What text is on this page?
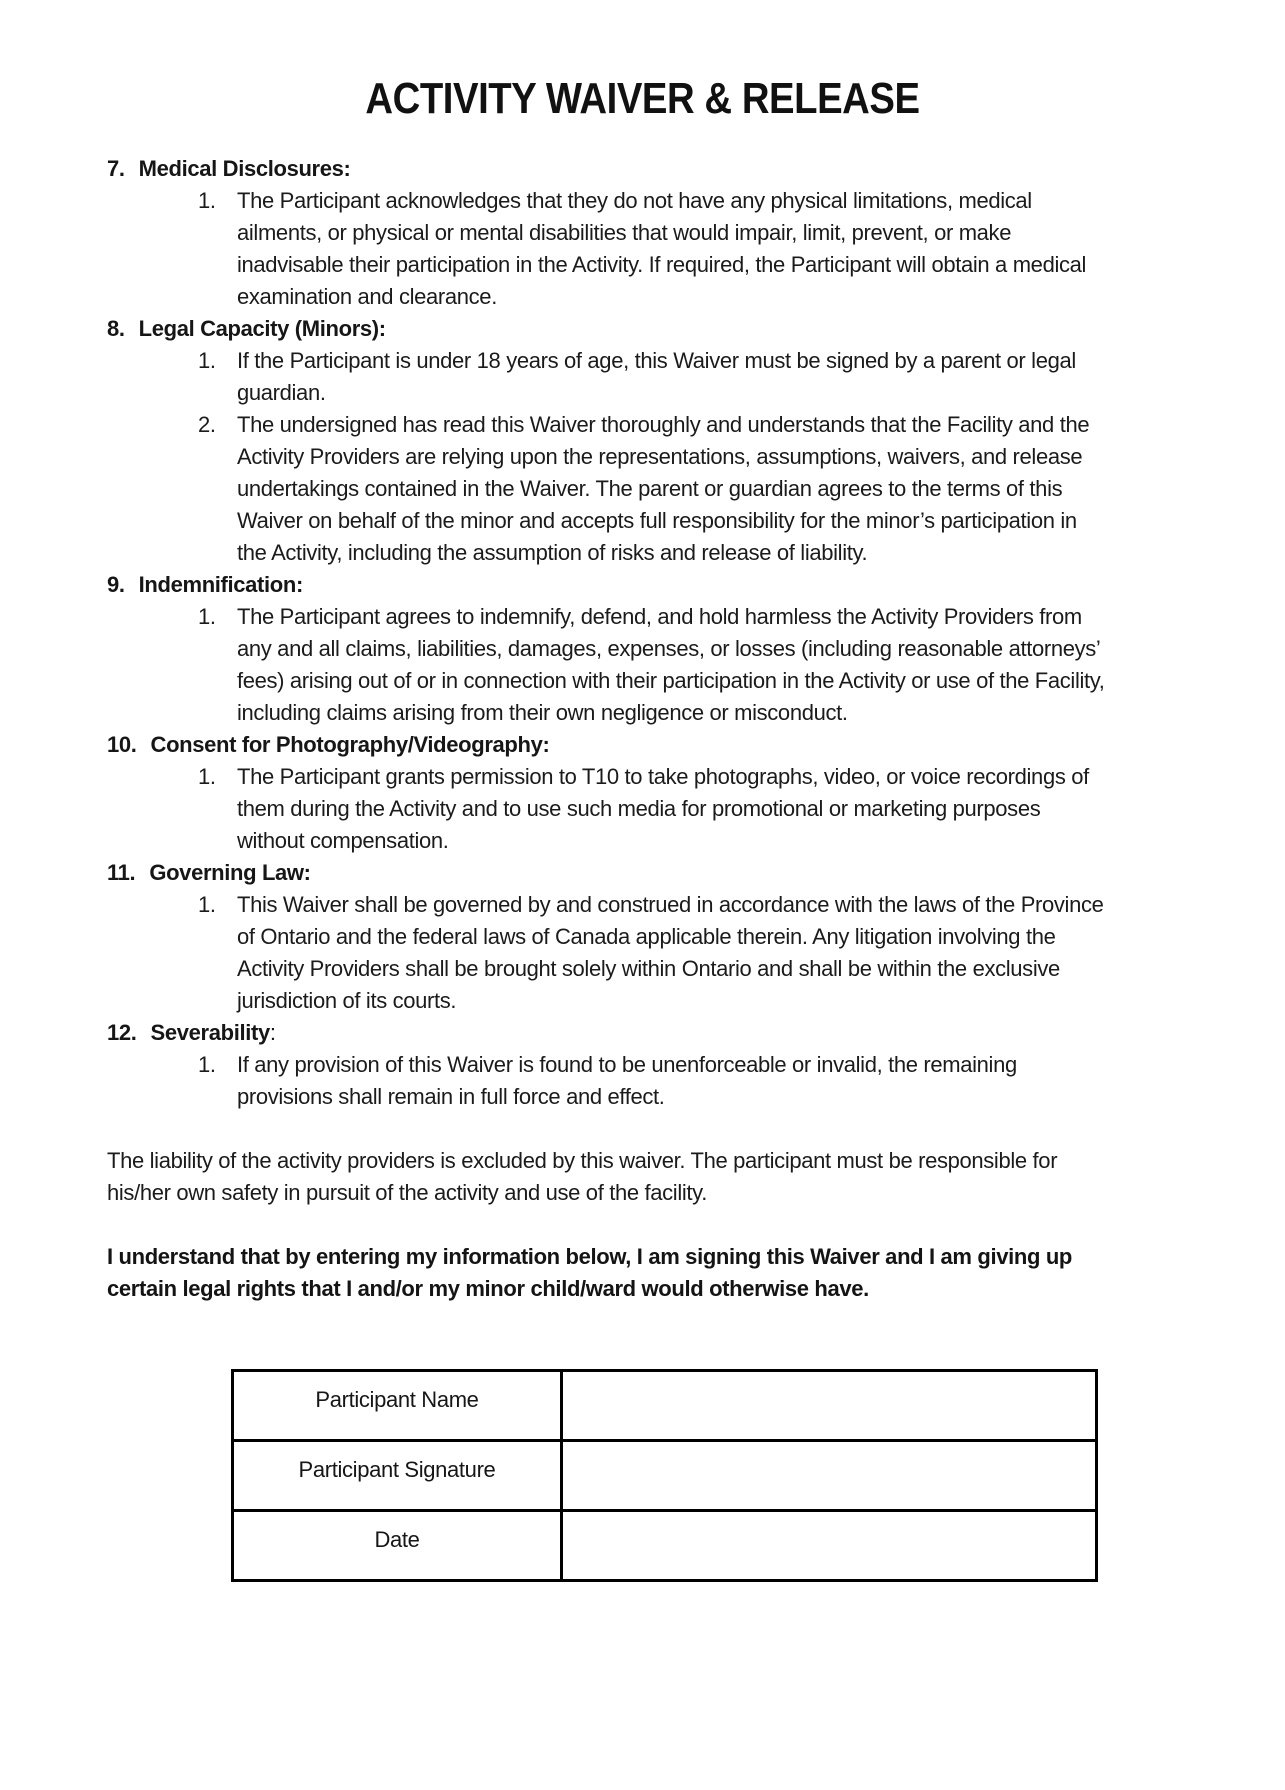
ACTIVITY WAIVER & RELEASE
7. Medical Disclosures:
1. The Participant acknowledges that they do not have any physical limitations, medical ailments, or physical or mental disabilities that would impair, limit, prevent, or make inadvisable their participation in the Activity. If required, the Participant will obtain a medical examination and clearance.
8. Legal Capacity (Minors):
1. If the Participant is under 18 years of age, this Waiver must be signed by a parent or legal guardian.
2. The undersigned has read this Waiver thoroughly and understands that the Facility and the Activity Providers are relying upon the representations, assumptions, waivers, and release undertakings contained in the Waiver. The parent or guardian agrees to the terms of this Waiver on behalf of the minor and accepts full responsibility for the minor’s participation in the Activity, including the assumption of risks and release of liability.
9. Indemnification:
1. The Participant agrees to indemnify, defend, and hold harmless the Activity Providers from any and all claims, liabilities, damages, expenses, or losses (including reasonable attorneys’ fees) arising out of or in connection with their participation in the Activity or use of the Facility, including claims arising from their own negligence or misconduct.
10. Consent for Photography/Videography:
1. The Participant grants permission to T10 to take photographs, video, or voice recordings of them during the Activity and to use such media for promotional or marketing purposes without compensation.
11. Governing Law:
1. This Waiver shall be governed by and construed in accordance with the laws of the Province of Ontario and the federal laws of Canada applicable therein. Any litigation involving the Activity Providers shall be brought solely within Ontario and shall be within the exclusive jurisdiction of its courts.
12. Severability:
1. If any provision of this Waiver is found to be unenforceable or invalid, the remaining provisions shall remain in full force and effect.

The liability of the activity providers is excluded by this waiver. The participant must be responsible for his/her own safety in pursuit of the activity and use of the facility.

I understand that by entering my information below, I am signing this Waiver and I am giving up certain legal rights that I and/or my minor child/ward would otherwise have.

Participant Name	
Participant Signature	
Date	
